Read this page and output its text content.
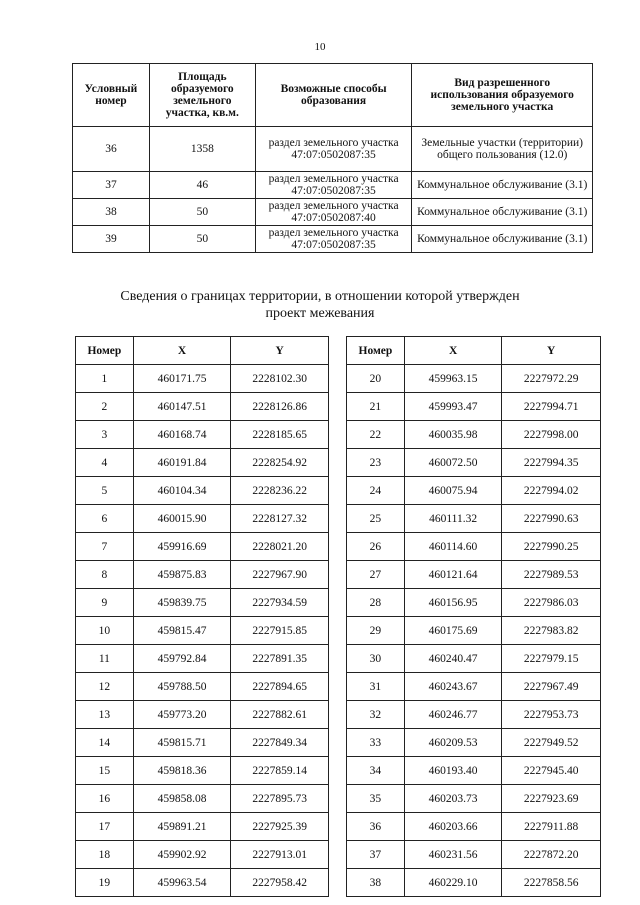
10
Условный номер	Площадь образуемого земельного участка, кв.м.	Возможные способы образования	Вид разрешенного использования образуемого земельного участка
36	1358	раздел земельного участка 47:07:0502087:35	Земельные участки (территории) общего пользования (12.0)
37	46	раздел земельного участка 47:07:0502087:35	Коммунальное обслуживание (3.1)
38	50	раздел земельного участка 47:07:0502087:40	Коммунальное обслуживание (3.1)
39	50	раздел земельного участка 47:07:0502087:35	Коммунальное обслуживание (3.1)
Сведения о границах территории, в отношении которой утвержден
проект межевания
Номер	X	Y
1	460171.75	2228102.30
2	460147.51	2228126.86
3	460168.74	2228185.65
4	460191.84	2228254.92
5	460104.34	2228236.22
6	460015.90	2228127.32
7	459916.69	2228021.20
8	459875.83	2227967.90
9	459839.75	2227934.59
10	459815.47	2227915.85
11	459792.84	2227891.35
12	459788.50	2227894.65
13	459773.20	2227882.61
14	459815.71	2227849.34
15	459818.36	2227859.14
16	459858.08	2227895.73
17	459891.21	2227925.39
18	459902.92	2227913.01
19	459963.54	2227958.42
Номер	X	Y
20	459963.15	2227972.29
21	459993.47	2227994.71
22	460035.98	2227998.00
23	460072.50	2227994.35
24	460075.94	2227994.02
25	460111.32	2227990.63
26	460114.60	2227990.25
27	460121.64	2227989.53
28	460156.95	2227986.03
29	460175.69	2227983.82
30	460240.47	2227979.15
31	460243.67	2227967.49
32	460246.77	2227953.73
33	460209.53	2227949.52
34	460193.40	2227945.40
35	460203.73	2227923.69
36	460203.66	2227911.88
37	460231.56	2227872.20
38	460229.10	2227858.56
